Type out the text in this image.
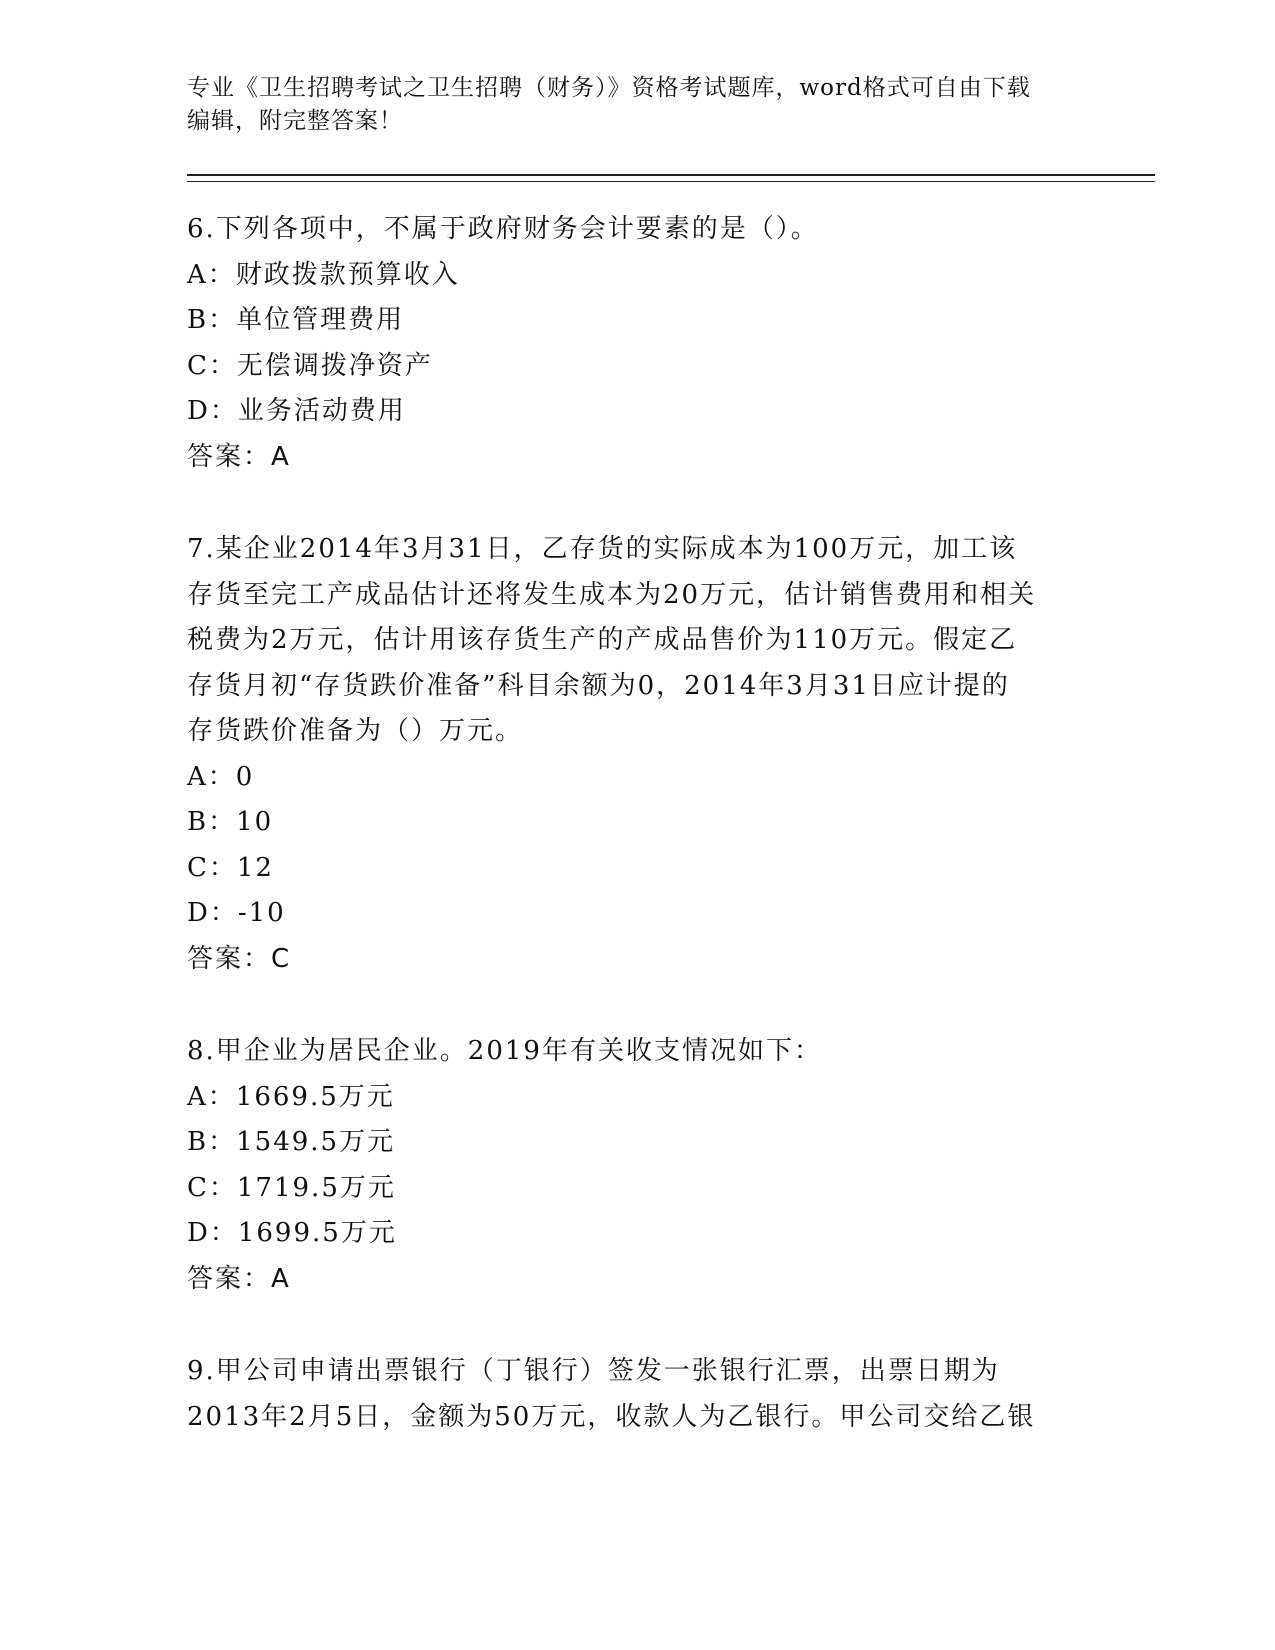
专业《卫生招聘考试之卫生招聘（财务）》资格考试题库，word格式可自由下载
编辑，附完整答案！
6.下列各项中，不属于政府财务会计要素的是（）。
A：财政拨款预算收入
B：单位管理费用
C：无偿调拨净资产
D：业务活动费用
答案：A
7.某企业2014年3月31日，乙存货的实际成本为100万元，加工该
存货至完工产成品估计还将发生成本为20万元，估计销售费用和相关
税费为2万元，估计用该存货生产的产成品售价为110万元。假定乙
存货月初“存货跌价准备”科目余额为0，2014年3月31日应计提的
存货跌价准备为（）万元。
A：0
B：10
C：12
D：-10
答案：C
8.甲企业为居民企业。2019年有关收支情况如下：
A：1669.5万元
B：1549.5万元
C：1719.5万元
D：1699.5万元
答案：A
9.甲公司申请出票银行（丁银行）签发一张银行汇票，出票日期为
2013年2月5日，金额为50万元，收款人为乙银行。甲公司交给乙银
